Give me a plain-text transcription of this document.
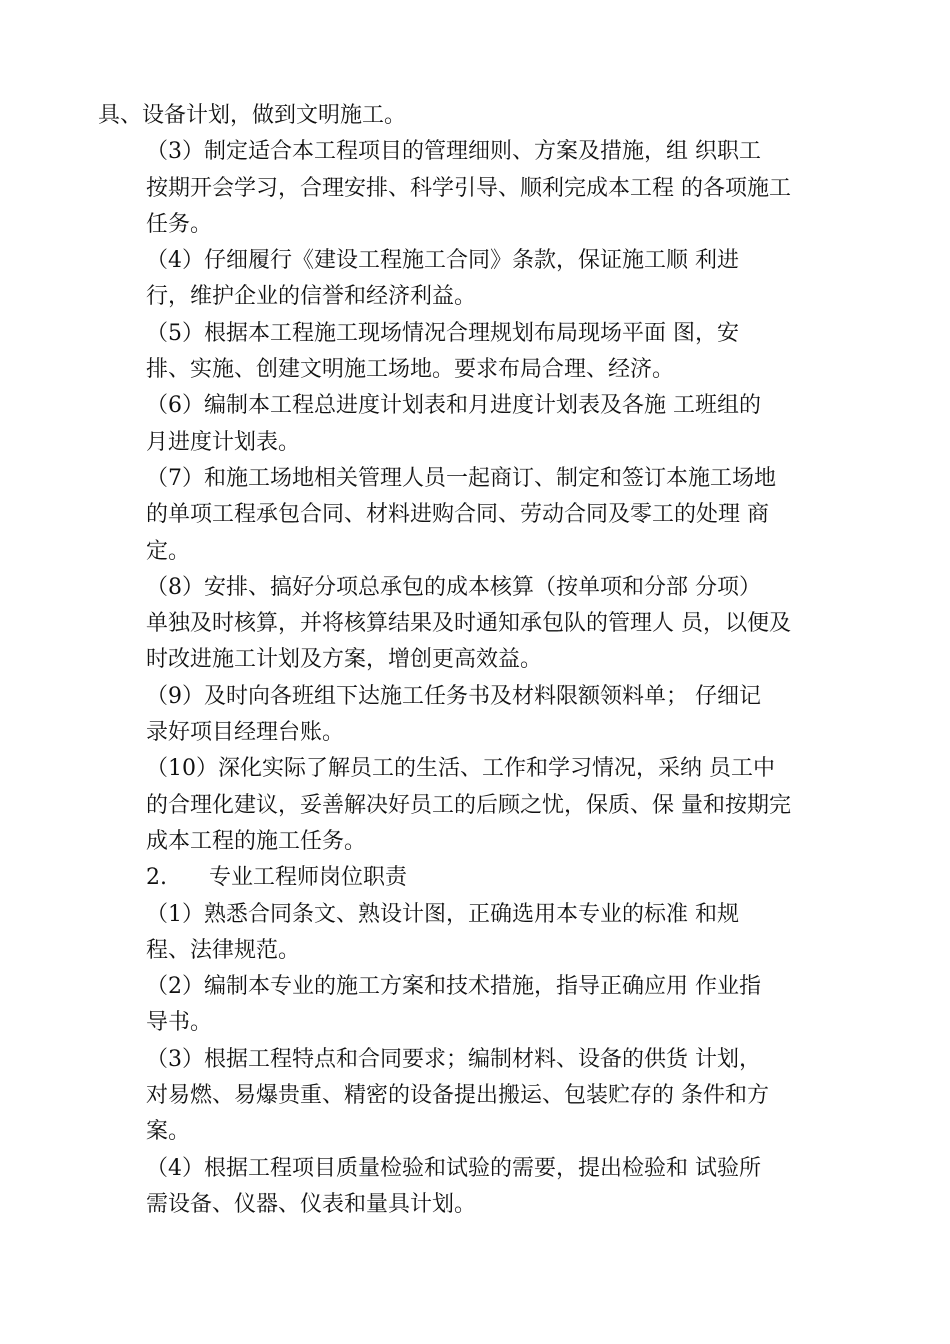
具、设备计划，做到文明施工。
（3）制定适合本工程项目的管理细则、方案及措施，组 织职工
按期开会学习，合理安排、科学引导、顺利完成本工程 的各项施工
任务。
（4）仔细履行《建设工程施工合同》条款，保证施工顺 利进
行，维护企业的信誉和经济利益。
（5）根据本工程施工现场情况合理规划布局现场平面 图，安
排、实施、创建文明施工场地。要求布局合理、经济。
（6）编制本工程总进度计划表和月进度计划表及各施 工班组的
月进度计划表。
（7）和施工场地相关管理人员一起商订、制定和签订本施工场地
的单项工程承包合同、材料进购合同、劳动合同及零工的处理 商
定。
（8）安排、搞好分项总承包的成本核算（按单项和分部 分项）
单独及时核算，并将核算结果及时通知承包队的管理人 员，以便及
时改进施工计划及方案，增创更高效益。
（9）及时向各班组下达施工任务书及材料限额领料单； 仔细记
录好项目经理台账。
（10）深化实际了解员工的生活、工作和学习情况，采纳 员工中
的合理化建议，妥善解决好员工的后顾之忧，保质、保 量和按期完
成本工程的施工任务。
2.      专业工程师岗位职责
（1）熟悉合同条文、熟设计图，正确选用本专业的标准 和规
程、法律规范。
（2）编制本专业的施工方案和技术措施，指导正确应用 作业指
导书。
（3）根据工程特点和合同要求；编制材料、设备的供货 计划，
对易燃、易爆贵重、精密的设备提出搬运、包装贮存的 条件和方
案。
（4）根据工程项目质量检验和试验的需要，提出检验和 试验所
需设备、仪器、仪表和量具计划。
